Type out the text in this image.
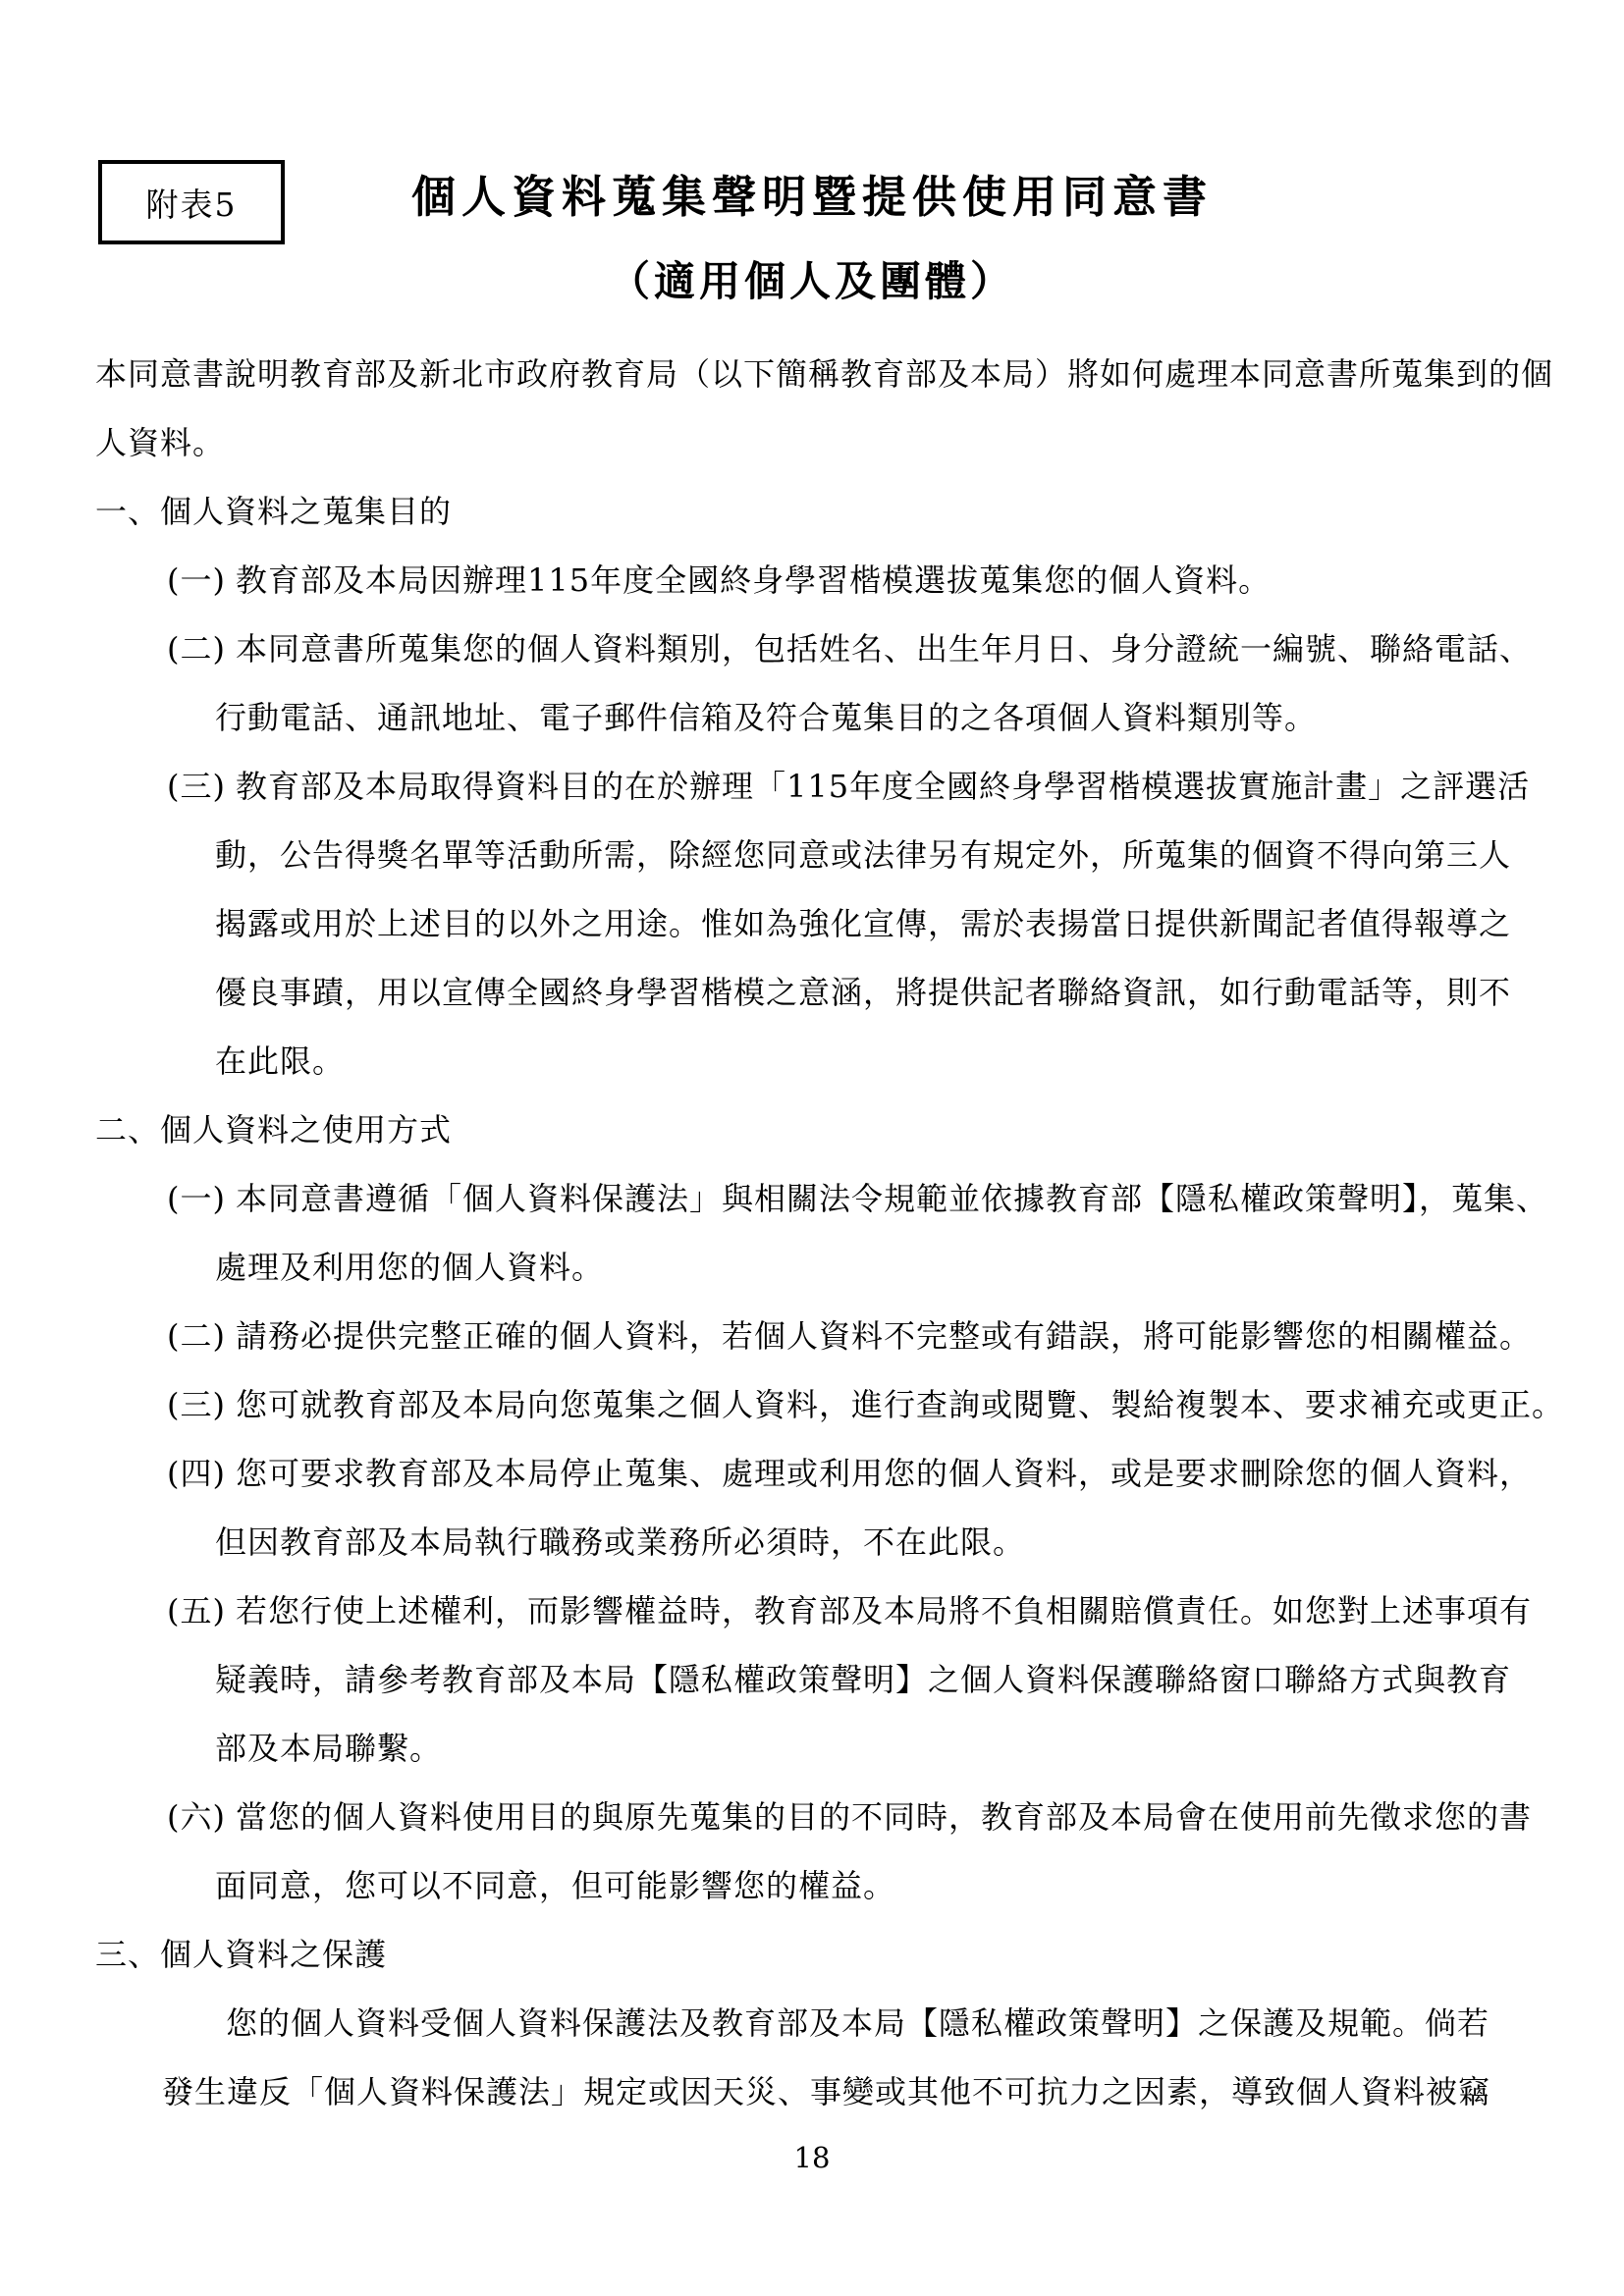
附表5	個人資料蒐集聲明暨提供使用同意書
（適用個人及團體）
本同意書說明教育部及新北市政府教育局（以下簡稱教育部及本局）將如何處理本同意書所蒐集到的個
人資料。
一、個人資料之蒐集目的
(一) 教育部及本局因辦理115年度全國終身學習楷模選拔蒐集您的個人資料。
(二) 本同意書所蒐集您的個人資料類別，包括姓名、出生年月日、身分證統一編號、聯絡電話、
行動電話、通訊地址、電子郵件信箱及符合蒐集目的之各項個人資料類別等。
(三) 教育部及本局取得資料目的在於辦理「115年度全國終身學習楷模選拔實施計畫」之評選活
動，公告得獎名單等活動所需，除經您同意或法律另有規定外，所蒐集的個資不得向第三人
揭露或用於上述目的以外之用途。惟如為強化宣傳，需於表揚當日提供新聞記者值得報導之
優良事蹟，用以宣傳全國終身學習楷模之意涵，將提供記者聯絡資訊，如行動電話等，則不
在此限。
二、個人資料之使用方式
(一) 本同意書遵循「個人資料保護法」與相關法令規範並依據教育部【隱私權政策聲明】，蒐集、
處理及利用您的個人資料。
(二) 請務必提供完整正確的個人資料，若個人資料不完整或有錯誤，將可能影響您的相關權益。
(三) 您可就教育部及本局向您蒐集之個人資料，進行查詢或閱覽、製給複製本、要求補充或更正。
(四) 您可要求教育部及本局停止蒐集、處理或利用您的個人資料，或是要求刪除您的個人資料，
但因教育部及本局執行職務或業務所必須時，不在此限。
(五) 若您行使上述權利，而影響權益時，教育部及本局將不負相關賠償責任。如您對上述事項有
疑義時，請參考教育部及本局【隱私權政策聲明】之個人資料保護聯絡窗口聯絡方式與教育
部及本局聯繫。
(六) 當您的個人資料使用目的與原先蒐集的目的不同時，教育部及本局會在使用前先徵求您的書
面同意，您可以不同意，但可能影響您的權益。
三、個人資料之保護
您的個人資料受個人資料保護法及教育部及本局【隱私權政策聲明】之保護及規範。倘若
發生違反「個人資料保護法」規定或因天災、事變或其他不可抗力之因素，導致個人資料被竊
18
